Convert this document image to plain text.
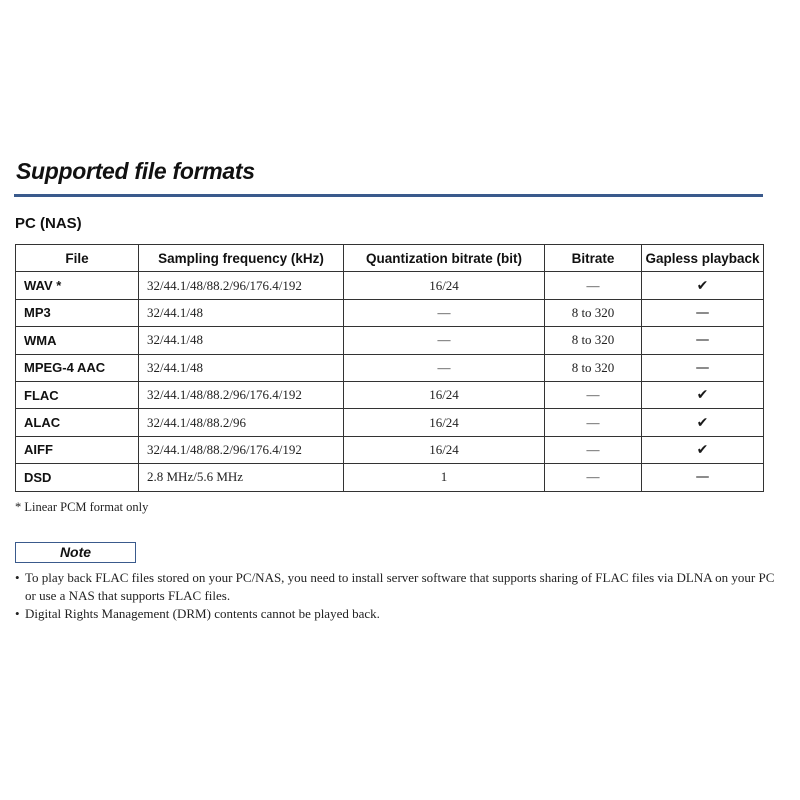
Supported file formats
PC (NAS)
File	Sampling frequency (kHz)	Quantization bitrate (bit)	Bitrate	Gapless playback
WAV *	32/44.1/48/88.2/96/176.4/192	16/24	—	✔
MP3	32/44.1/48	—	8 to 320	—
WMA	32/44.1/48	—	8 to 320	—
MPEG-4 AAC	32/44.1/48	—	8 to 320	—
FLAC	32/44.1/48/88.2/96/176.4/192	16/24	—	✔
ALAC	32/44.1/48/88.2/96	16/24	—	✔
AIFF	32/44.1/48/88.2/96/176.4/192	16/24	—	✔
DSD	2.8 MHz/5.6 MHz	1	—	—
* Linear PCM format only
Note
• To play back FLAC files stored on your PC/NAS, you need to install server software that supports sharing of FLAC files via DLNA on your PC or use a NAS that supports FLAC files.
• Digital Rights Management (DRM) contents cannot be played back.
